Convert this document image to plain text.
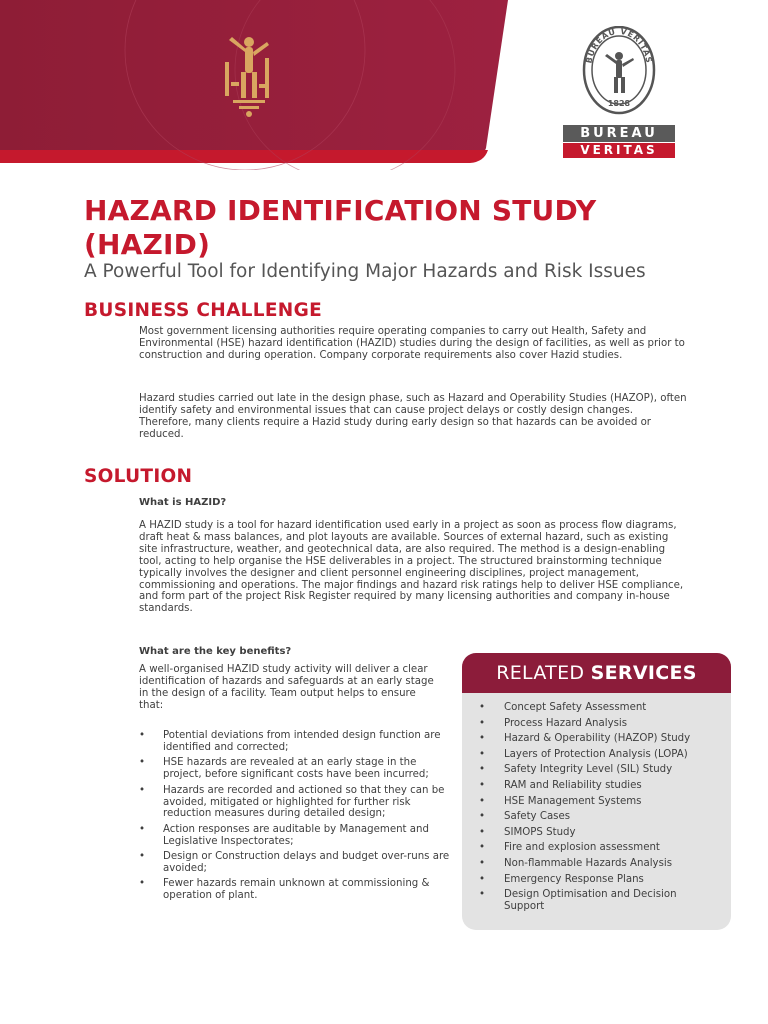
BUREAU VERITAS
1828
BUREAU
VERITAS
HAZARD IDENTIFICATION STUDY
(HAZID)
A Powerful Tool for Identifying Major Hazards and Risk Issues
BUSINESS CHALLENGE

Most government licensing authorities require operating companies to carry out Health, Safety and Environmental (HSE) hazard identification (HAZID) studies during the design of facilities, as well as prior to construction and during operation. Company corporate requirements also cover Hazid studies.

Hazard studies carried out late in the design phase, such as Hazard and Operability Studies (HAZOP), often identify safety and environmental issues that can cause project delays or costly design changes. Therefore, many clients require a Hazid study during early design so that hazards can be avoided or reduced.

SOLUTION

What is HAZID?

A HAZID study is a tool for hazard identification used early in a project as soon as process flow diagrams, draft heat & mass balances, and plot layouts are available. Sources of external hazard, such as existing site infrastructure, weather, and geotechnical data, are also required. The method is a design-enabling tool, acting to help organise the HSE deliverables in a project. The structured brainstorming technique typically involves the designer and client personnel engineering disciplines, project management, commissioning and operations. The major findings and hazard risk ratings help to deliver HSE compliance, and form part of the project Risk Register required by many licensing authorities and company in-house standards.

What are the key benefits?

A well-organised HAZID study activity will deliver a clear identification of hazards and safeguards at an early stage in the design of a facility. Team output helps to ensure that:

• Potential deviations from intended design function are identified and corrected;
• HSE hazards are revealed at an early stage in the project, before significant costs have been incurred;
• Hazards are recorded and actioned so that they can be avoided, mitigated or highlighted for further risk reduction measures during detailed design;
• Action responses are auditable by Management and Legislative Inspectorates;
• Design or Construction delays and budget over-runs are avoided;
• Fewer hazards remain unknown at commissioning & operation of plant.
RELATED SERVICES
• Concept Safety Assessment
• Process Hazard Analysis
• Hazard & Operability (HAZOP) Study
• Layers of Protection Analysis (LOPA)
• Safety Integrity Level (SIL) Study
• RAM and Reliability studies
• HSE Management Systems
• Safety Cases
• SIMOPS Study
• Fire and explosion assessment
• Non-flammable Hazards Analysis
• Emergency Response Plans
• Design Optimisation and Decision Support
